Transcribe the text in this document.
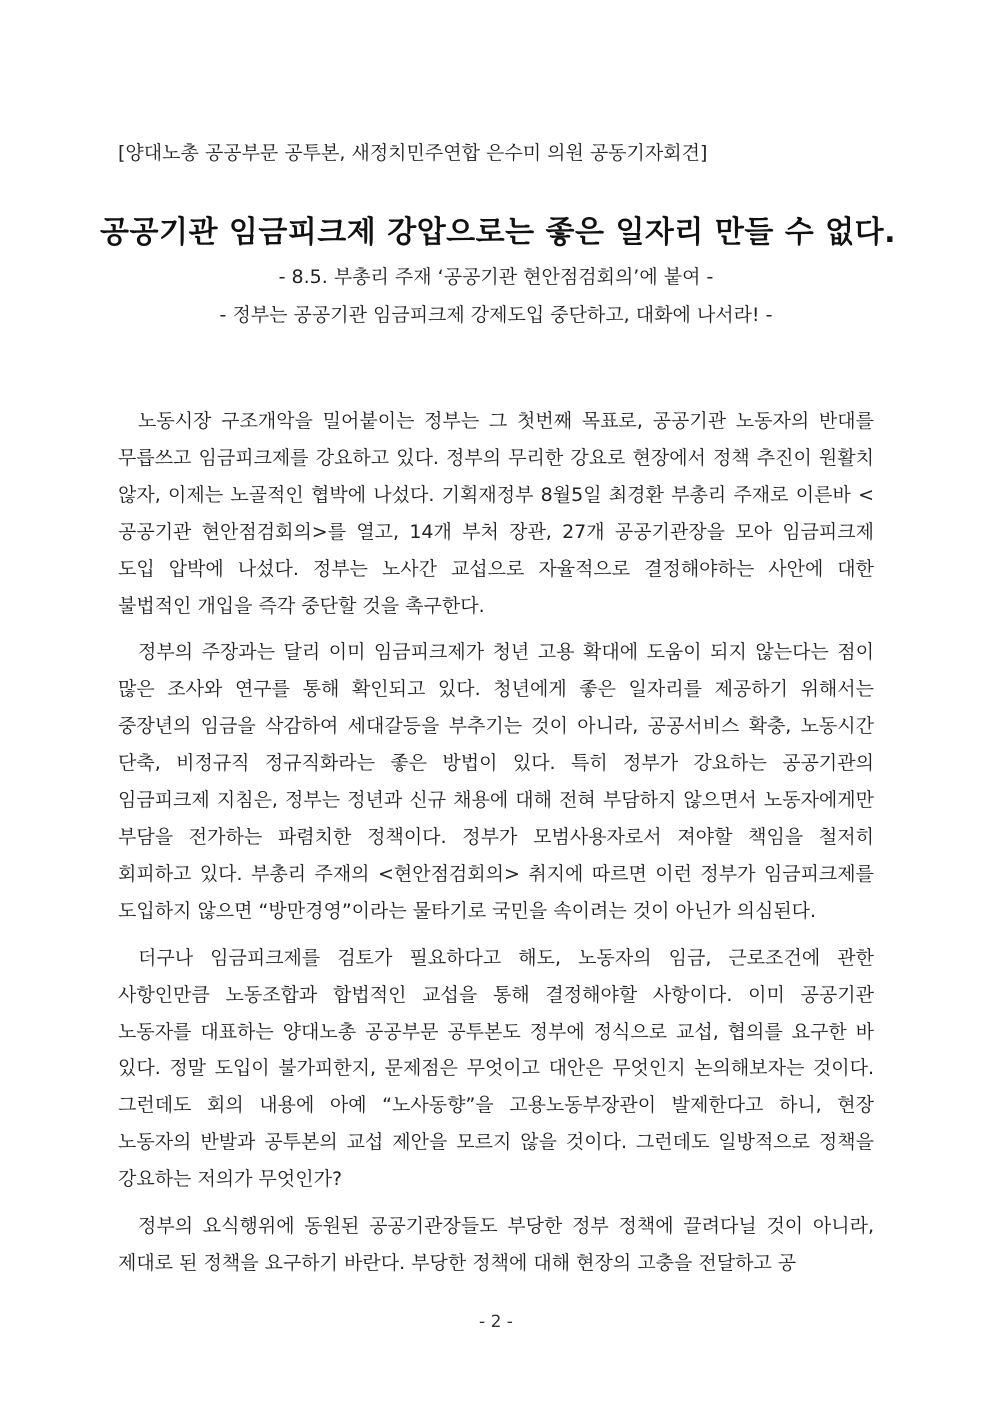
[양대노총 공공부문 공투본, 새정치민주연합 은수미 의원 공동기자회견]
공공기관 임금피크제 강압으로는 좋은 일자리 만들 수 없다.
- 8.5. 부총리 주재 ‘공공기관 현안점검회의’에 붙여 -
- 정부는 공공기관 임금피크제 강제도입 중단하고, 대화에 나서라! -

노동시장 구조개악을 밀어붙이는 정부는 그 첫번째 목표로, 공공기관 노동자의 반대를 무릅쓰고 임금피크제를 강요하고 있다. 정부의 무리한 강요로 현장에서 정책 추진이 원활치 않자, 이제는 노골적인 협박에 나섰다. 기획재정부 8월5일 최경환 부총리 주재로 이른바 <공공기관 현안점검회의>를 열고, 14개 부처 장관, 27개 공공기관장을 모아 임금피크제 도입 압박에 나섰다. 정부는 노사간 교섭으로 자율적으로 결정해야하는 사안에 대한 불법적인 개입을 즉각 중단할 것을 촉구한다.

정부의 주장과는 달리 이미 임금피크제가 청년 고용 확대에 도움이 되지 않는다는 점이 많은 조사와 연구를 통해 확인되고 있다. 청년에게 좋은 일자리를 제공하기 위해서는 중장년의 임금을 삭감하여 세대갈등을 부추기는 것이 아니라, 공공서비스 확충, 노동시간 단축, 비정규직 정규직화라는 좋은 방법이 있다. 특히 정부가 강요하는 공공기관의 임금피크제 지침은, 정부는 정년과 신규 채용에 대해 전혀 부담하지 않으면서 노동자에게만 부담을 전가하는 파렴치한 정책이다. 정부가 모범사용자로서 져야할 책임을 철저히 회피하고 있다. 부총리 주재의 <현안점검회의> 취지에 따르면 이런 정부가 임금피크제를 도입하지 않으면 “방만경영”이라는 물타기로 국민을 속이려는 것이 아닌가 의심된다.

더구나 임금피크제를 검토가 필요하다고 해도, 노동자의 임금, 근로조건에 관한 사항인만큼 노동조합과 합법적인 교섭을 통해 결정해야할 사항이다. 이미 공공기관 노동자를 대표하는 양대노총 공공부문 공투본도 정부에 정식으로 교섭, 협의를 요구한 바 있다. 정말 도입이 불가피한지, 문제점은 무엇이고 대안은 무엇인지 논의해보자는 것이다. 그런데도 회의 내용에 아예 “노사동향”을 고용노동부장관이 발제한다고 하니, 현장 노동자의 반발과 공투본의 교섭 제안을 모르지 않을 것이다. 그런데도 일방적으로 정책을 강요하는 저의가 무엇인가?

정부의 요식행위에 동원된 공공기관장들도 부당한 정부 정책에 끌려다닐 것이 아니라, 제대로 된 정책을 요구하기 바란다. 부당한 정책에 대해 현장의 고충을 전달하고 공

- 2 -
